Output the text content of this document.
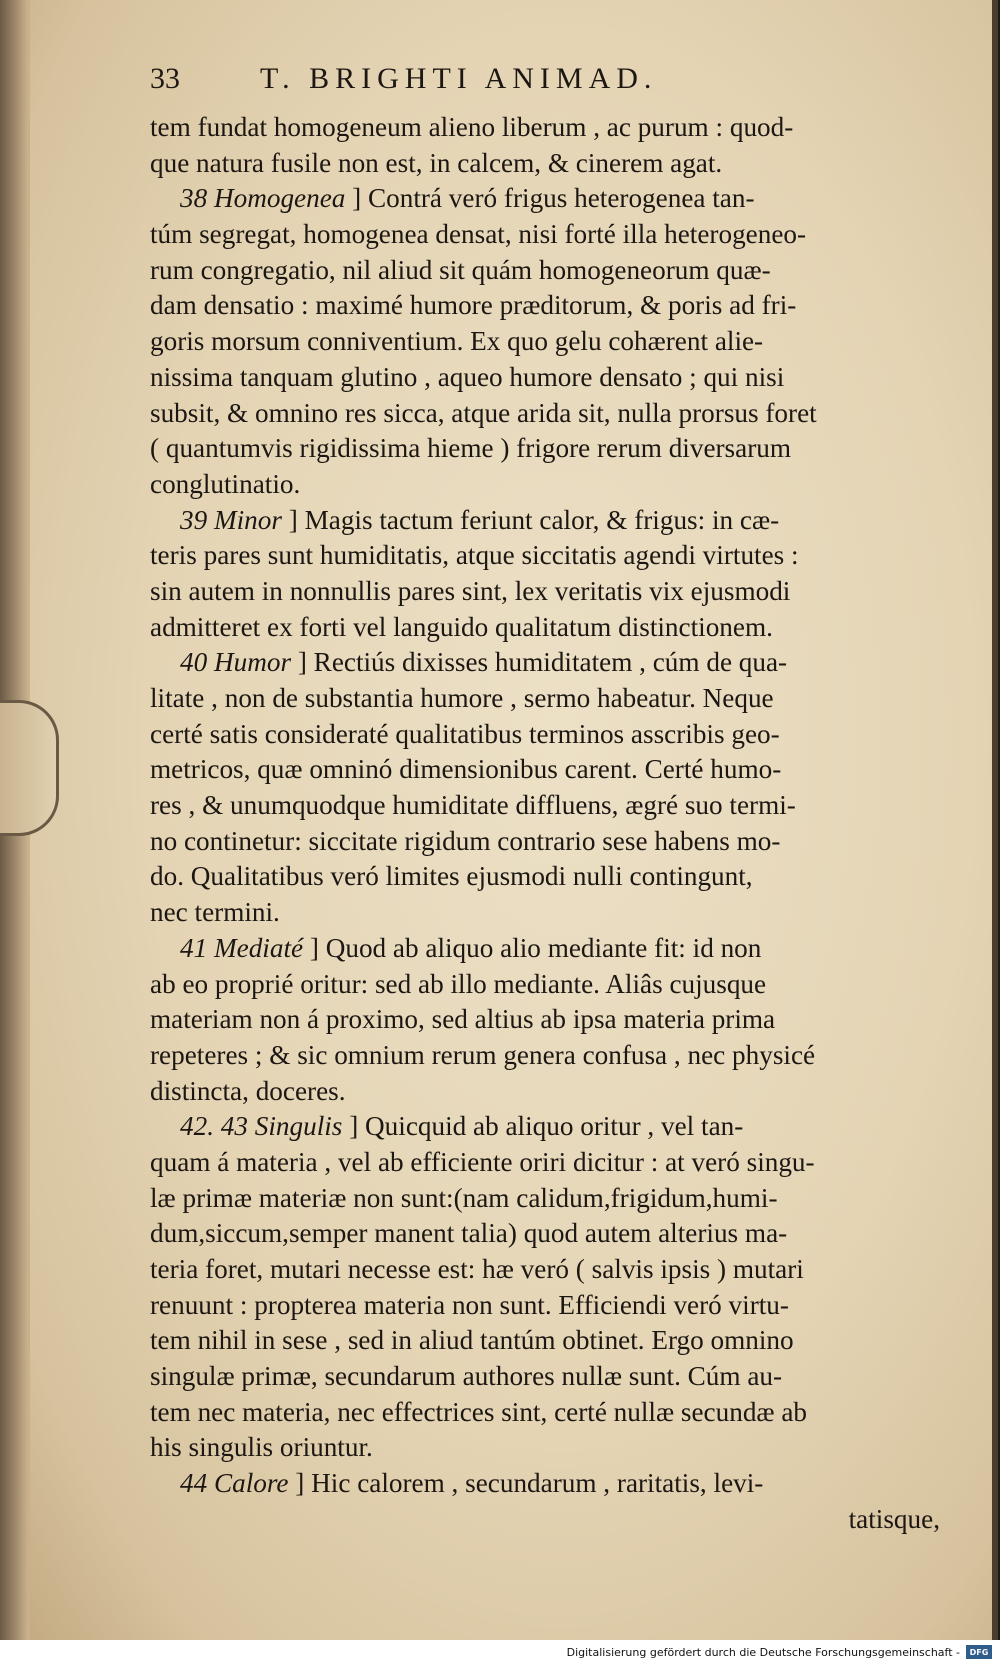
33	T. BRIGHTI ANIMAD.
tem fundat homogeneum alieno liberum , ac purum : quod-
que natura fusile non est, in calcem, & cinerem agat.
38 Homogenea ] Contrá veró frigus heterogenea tan-
túm segregat, homogenea densat, nisi forté illa heterogeneo-
rum congregatio, nil aliud sit quám homogeneorum quæ-
dam densatio : maximé humore præditorum, & poris ad fri-
goris morsum conniventium. Ex quo gelu cohærent alie-
nissima tanquam glutino , aqueo humore densato ; qui nisi
subsit, & omnino res sicca, atque arida sit, nulla prorsus foret
( quantumvis rigidissima hieme ) frigore rerum diversarum
conglutinatio.
39 Minor ] Magis tactum feriunt calor, & frigus: in cæ-
teris pares sunt humiditatis, atque siccitatis agendi virtutes :
sin autem in nonnullis pares sint, lex veritatis vix ejusmodi
admitteret ex forti vel languido qualitatum distinctionem.
40 Humor ] Rectiús dixisses humiditatem , cúm de qua-
litate , non de substantia humore , sermo habeatur. Neque
certé satis consideraté qualitatibus terminos asscribis geo-
metricos, quæ omninó dimensionibus carent. Certé humo-
res , & unumquodque humiditate diffluens, ægré suo termi-
no continetur: siccitate rigidum contrario sese habens mo-
do. Qualitatibus veró limites ejusmodi nulli contingunt,
nec termini.
41 Mediaté ] Quod ab aliquo alio mediante fit: id non
ab eo proprié oritur: sed ab illo mediante. Aliâs cujusque
materiam non á proximo, sed altius ab ipsa materia prima
repeteres ; & sic omnium rerum genera confusa , nec physicé
distincta, doceres.
42. 43 Singulis ] Quicquid ab aliquo oritur , vel tan-
quam á materia , vel ab efficiente oriri dicitur : at veró singu-
læ primæ materiæ non sunt:(nam calidum,frigidum,humi-
dum,siccum,semper manent talia) quod autem alterius ma-
teria foret, mutari necesse est: hæ veró ( salvis ipsis ) mutari
renuunt : propterea materia non sunt. Efficiendi veró virtu-
tem nihil in sese , sed in aliud tantúm obtinet. Ergo omnino
singulæ primæ, secundarum authores nullæ sunt. Cúm au-
tem nec materia, nec effectrices sint, certé nullæ secundæ ab
his singulis oriuntur.
44 Calore ] Hic calorem , secundarum , raritatis, levi-
tatisque,
Digitalisierung gefördert durch die Deutsche Forschungsgemeinschaft -	DFG
